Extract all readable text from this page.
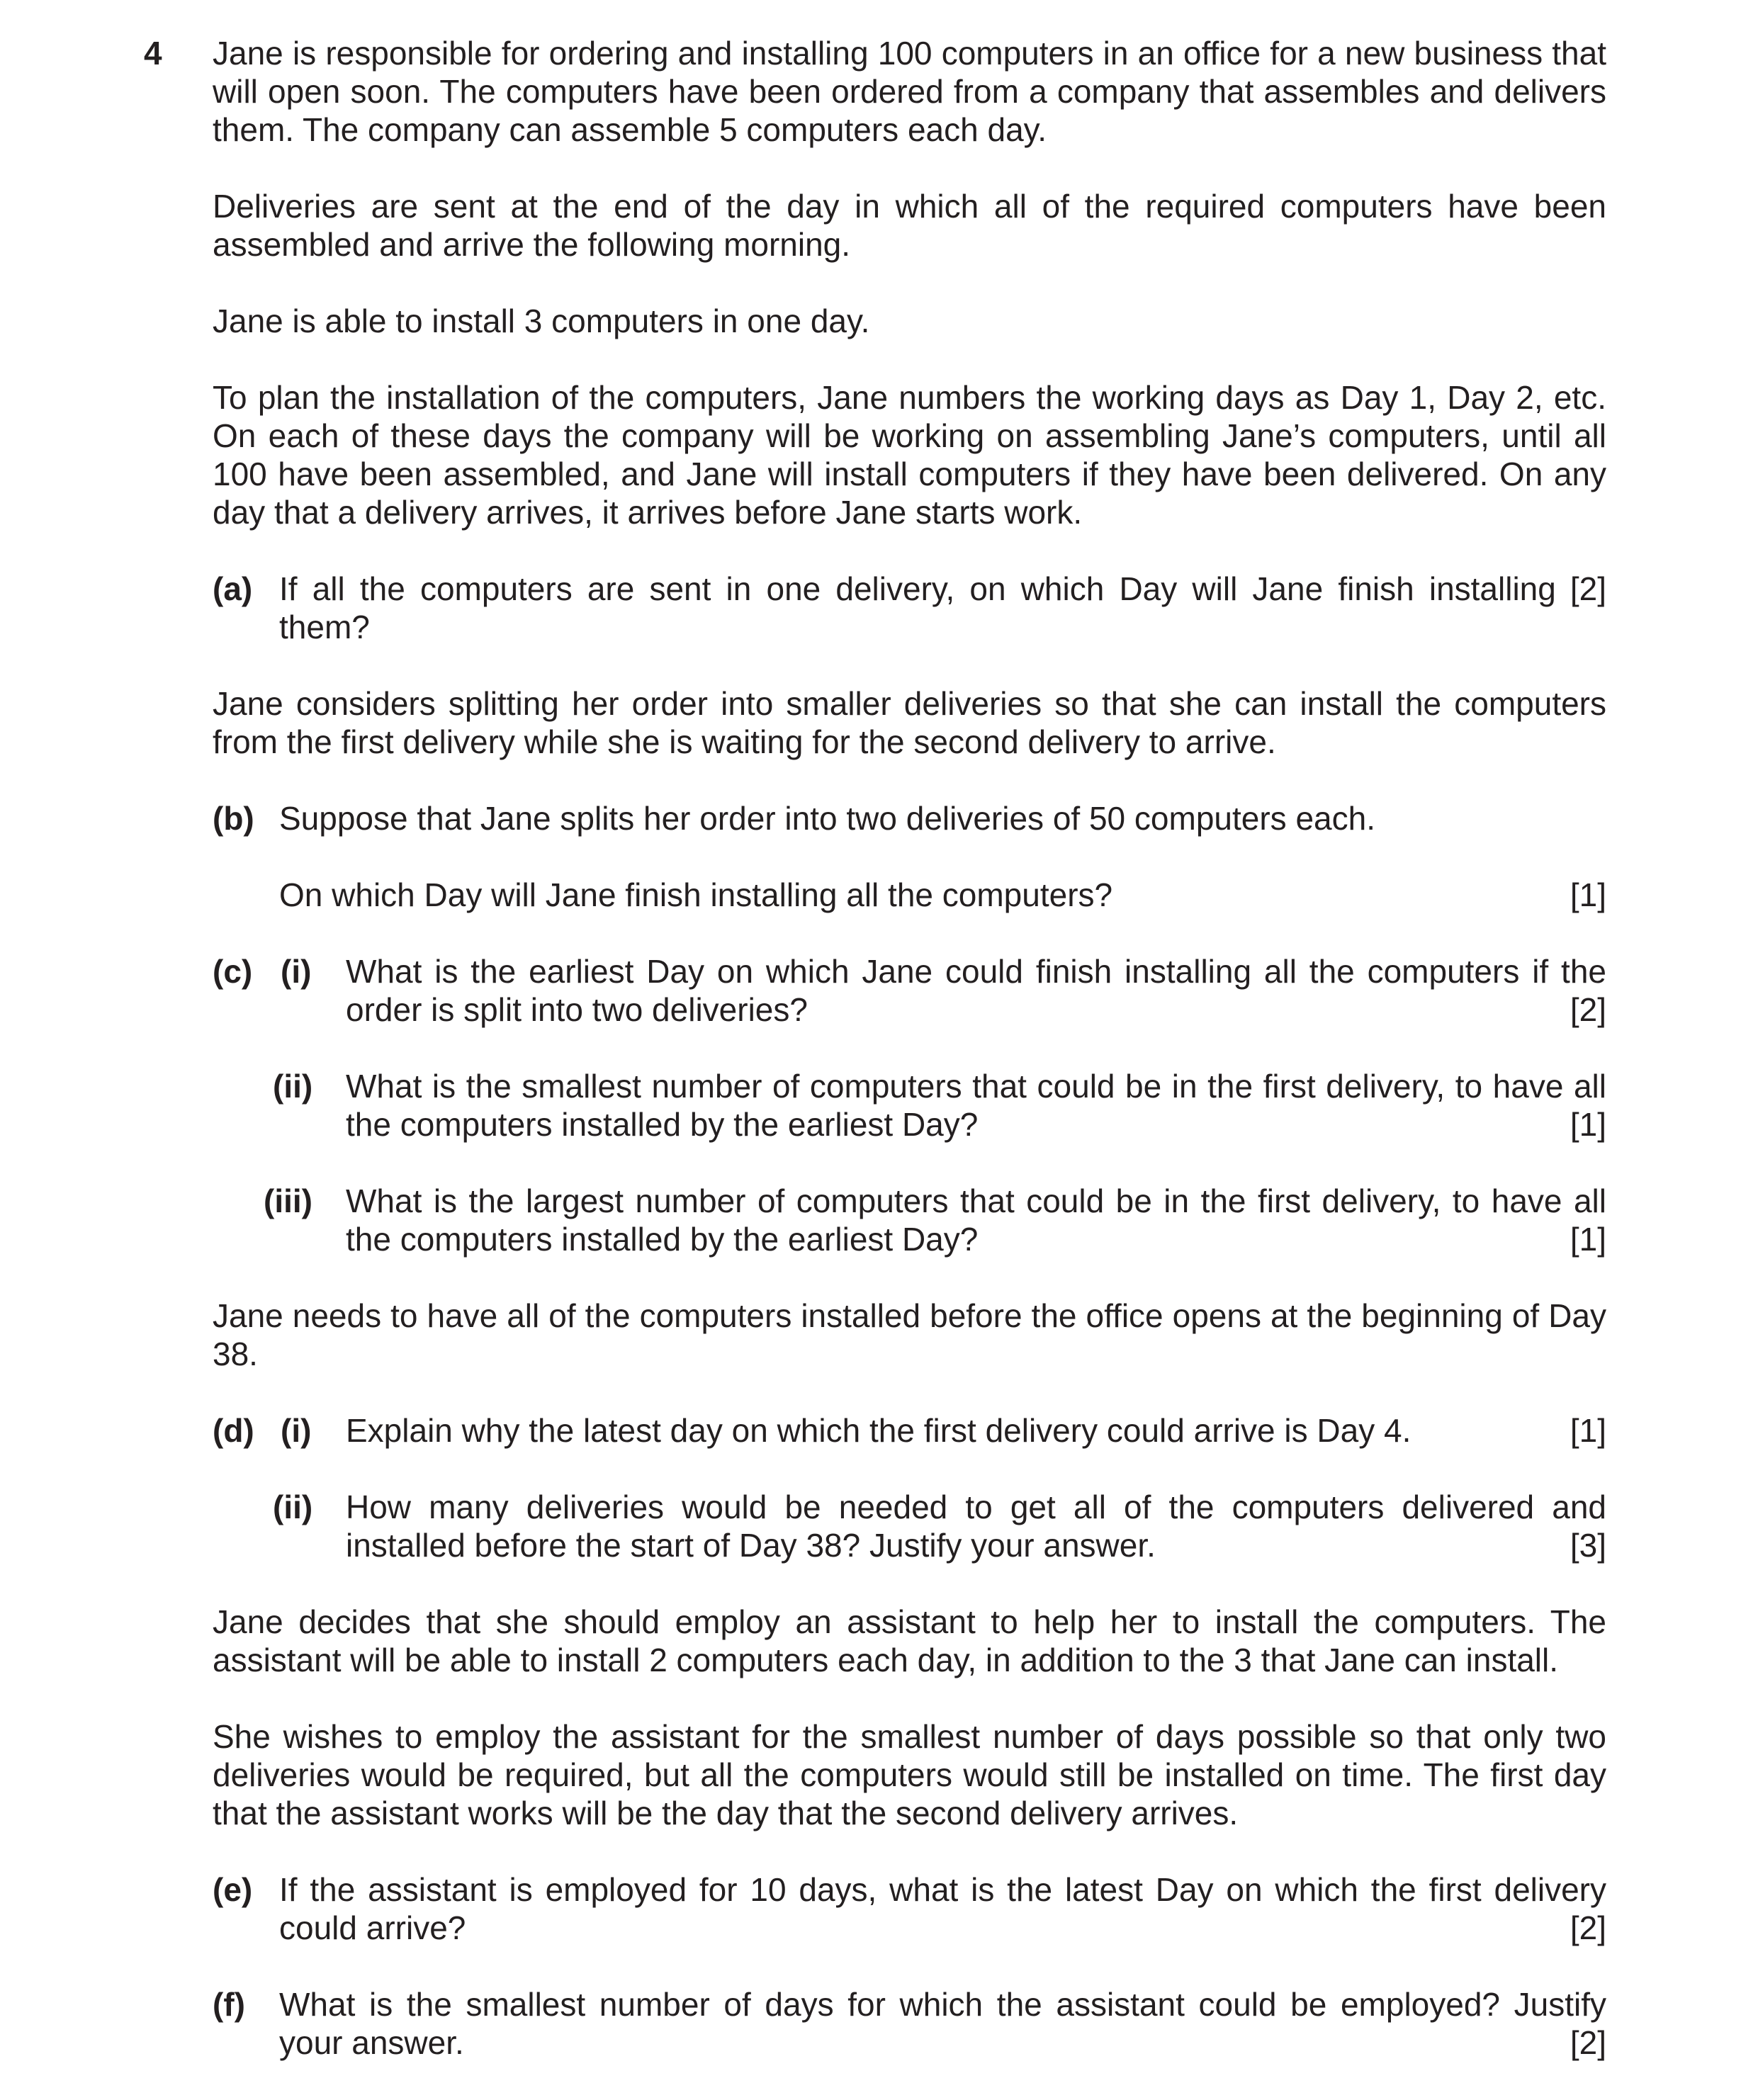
4 Jane is responsible for ordering and installing 100 computers in an office for a new business that will open soon. The computers have been ordered from a company that assembles and delivers them. The company can assemble 5 computers each day.

Deliveries are sent at the end of the day in which all of the required computers have been assembled and arrive the following morning.

Jane is able to install 3 computers in one day.

To plan the installation of the computers, Jane numbers the working days as Day 1, Day 2, etc. On each of these days the company will be working on assembling Jane’s computers, until all 100 have been assembled, and Jane will install computers if they have been delivered. On any day that a delivery arrives, it arrives before Jane starts work.

(a)	[2]
If all the computers are sent in one delivery, on which Day will Jane finish installing them?

Jane considers splitting her order into smaller deliveries so that she can install the computers from the first delivery while she is waiting for the second delivery to arrive.

(b) Suppose that Jane splits her order into two deliveries of 50 computers each.
[1]
On which Day will Jane finish installing all the computers?
(c) (i) What is the earliest Day on which Jane could finish installing all the computers if the order is split into two deliveries?	[2]
(ii) What is the smallest number of computers that could be in the first delivery, to have all the computers installed by the earliest Day?	[1]
(iii) What is the largest number of computers that could be in the first delivery, to have all the computers installed by the earliest Day?	[1]

Jane needs to have all of the computers installed before the office opens at the beginning of Day 38.

(d) (i)	[1]
Explain why the latest day on which the first delivery could arrive is Day 4.
(ii) How many deliveries would be needed to get all of the computers delivered and installed before the start of Day 38? Justify your answer.	[3]

Jane decides that she should employ an assistant to help her to install the computers. The assistant will be able to install 2 computers each day, in addition to the 3 that Jane can install.

She wishes to employ the assistant for the smallest number of days possible so that only two deliveries would be required, but all the computers would still be installed on time. The first day that the assistant works will be the day that the second delivery arrives.

(e) If the assistant is employed for 10 days, what is the latest Day on which the first delivery could arrive?	[2]
(f) What is the smallest number of days for which the assistant could be employed? Justify your answer.	[2]
